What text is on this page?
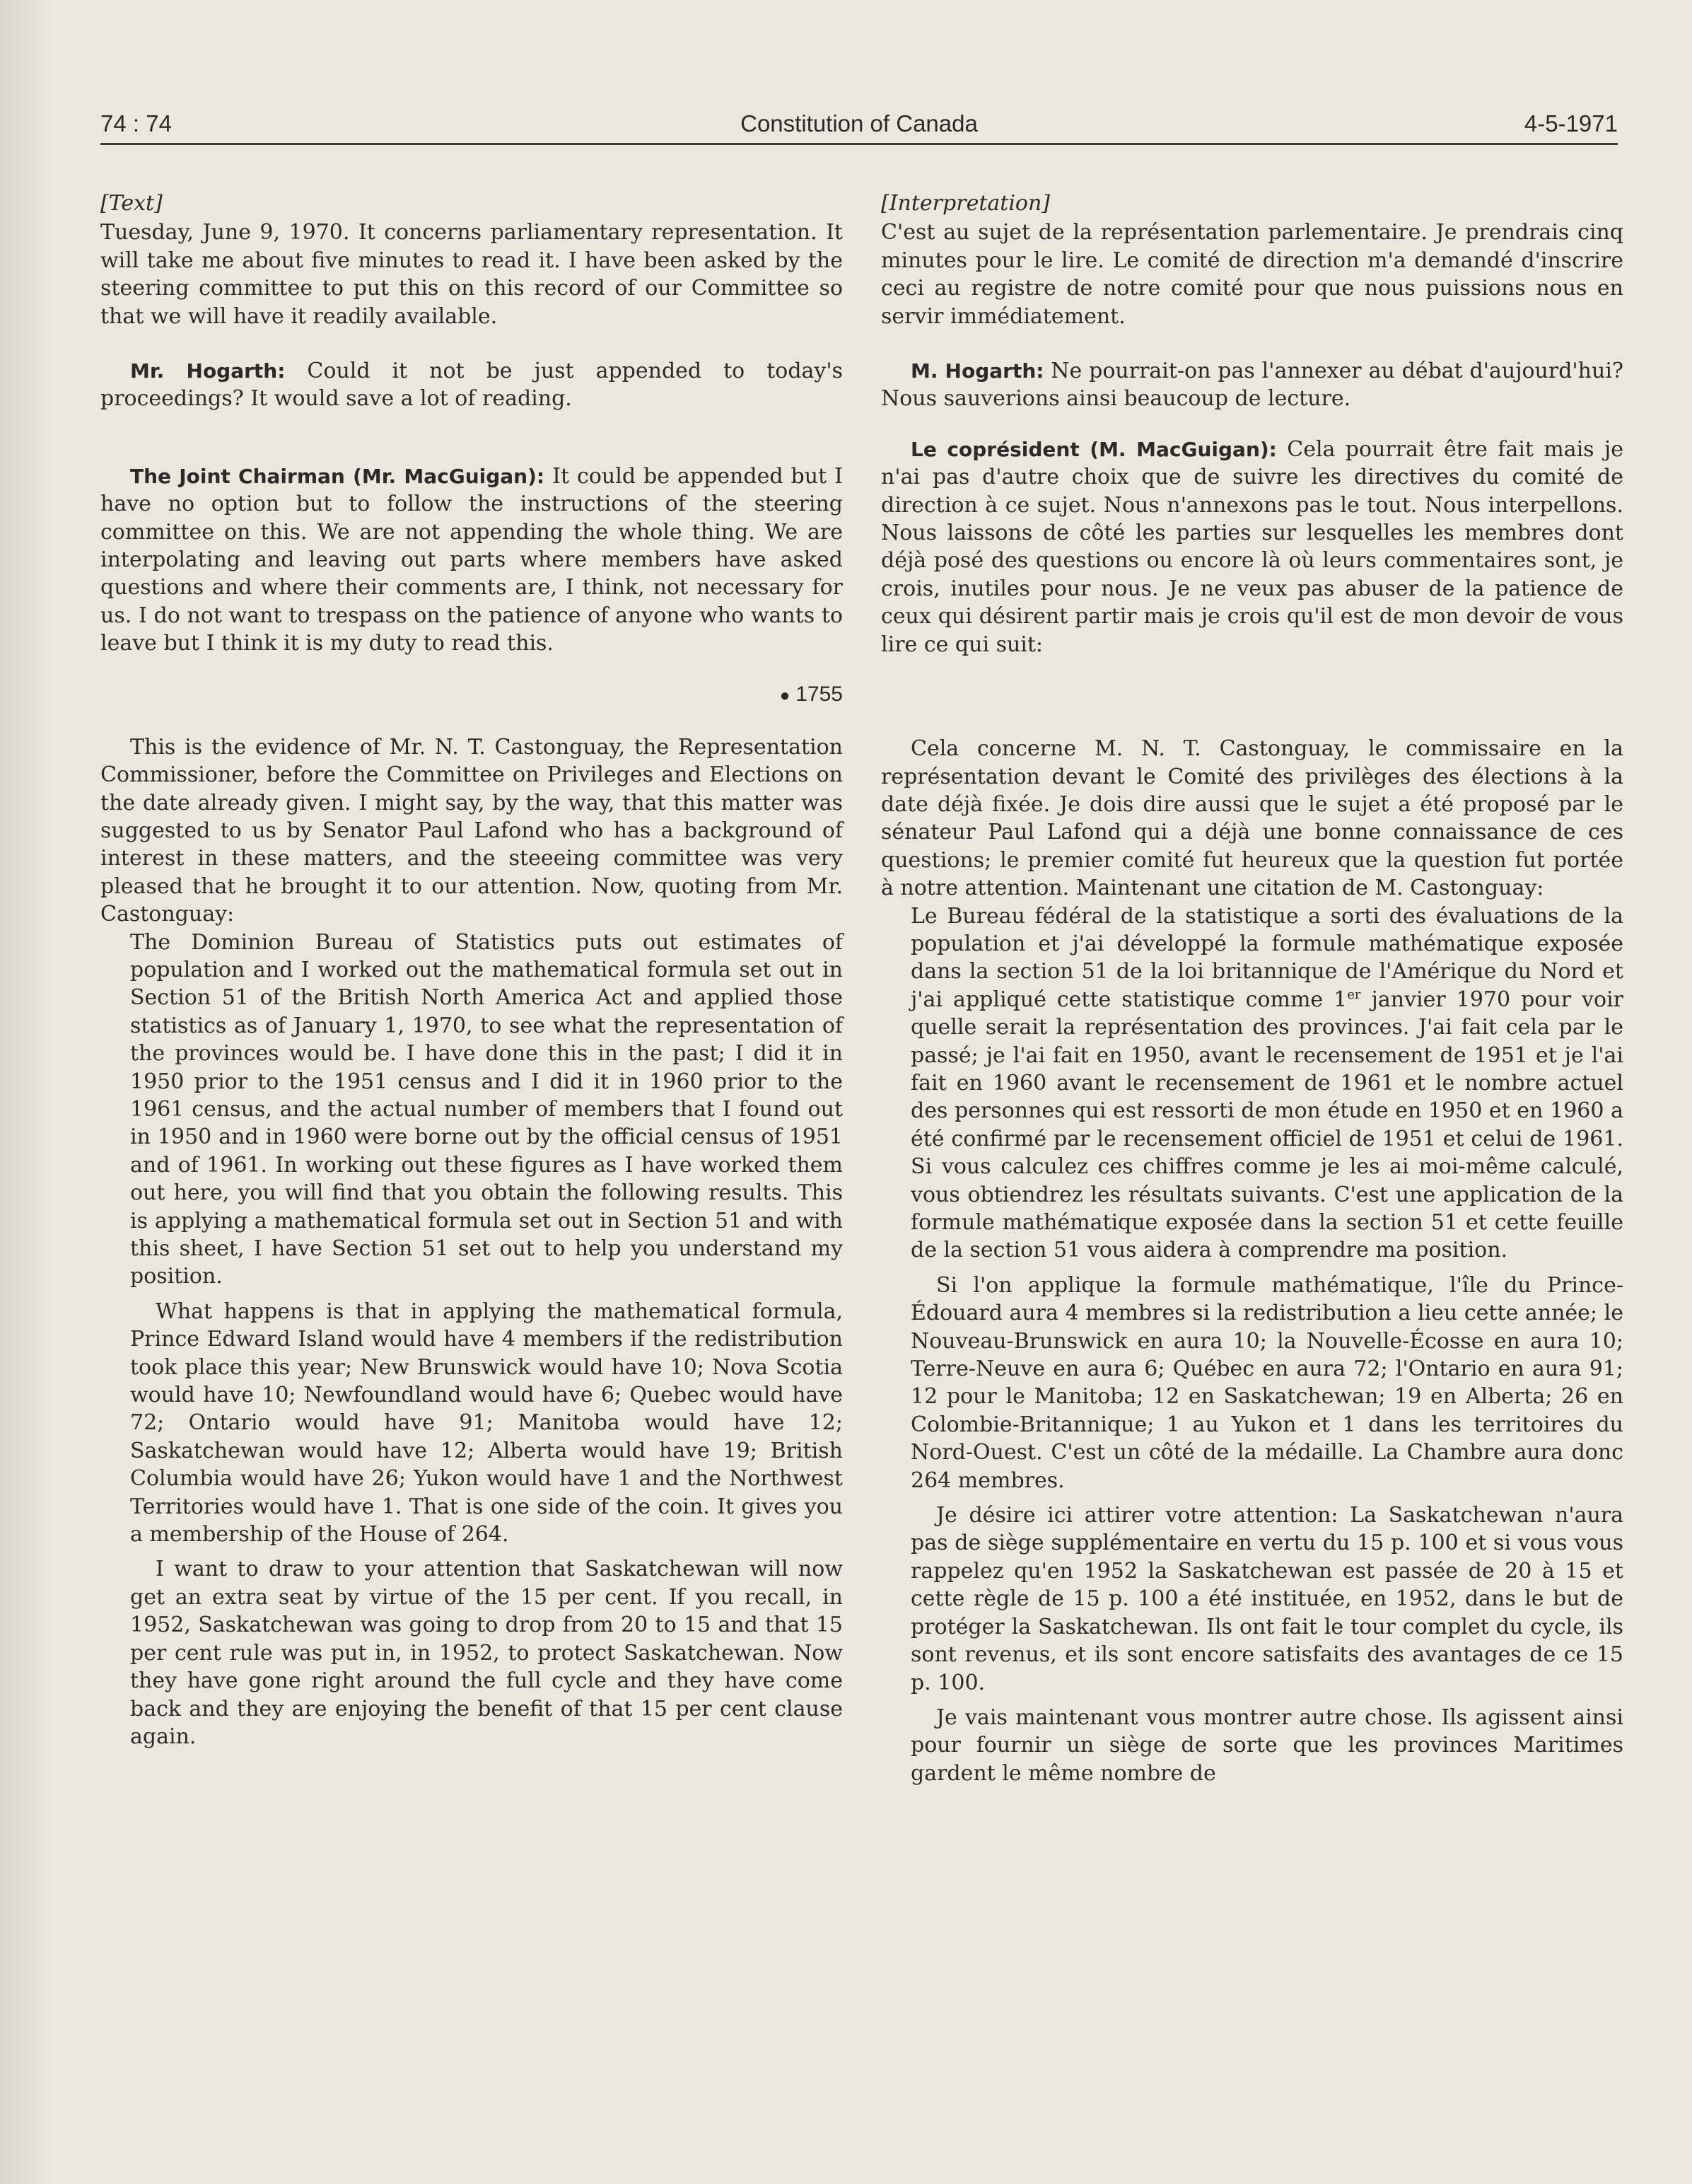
Constitution of Canada
74 : 74	4-5-1971
[Text]

Tuesday, June 9, 1970. It concerns parliamentary representation. It will take me about five minutes to read it. I have been asked by the steering committee to put this on this record of our Committee so that we will have it readily available.

Mr. Hogarth: Could it not be just appended to today's proceedings? It would save a lot of reading.

The Joint Chairman (Mr. MacGuigan): It could be appended but I have no option but to follow the instructions of the steering committee on this. We are not appending the whole thing. We are interpolating and leaving out parts where members have asked questions and where their comments are, I think, not necessary for us. I do not want to trespass on the patience of anyone who wants to leave but I think it is my duty to read this.

● 1755

This is the evidence of Mr. N. T. Castonguay, the Representation Commissioner, before the Committee on Privileges and Elections on the date already given. I might say, by the way, that this matter was suggested to us by Senator Paul Lafond who has a background of interest in these matters, and the steeeing committee was very pleased that he brought it to our attention. Now, quoting from Mr. Castonguay:

The Dominion Bureau of Statistics puts out estimates of population and I worked out the mathematical formula set out in Section 51 of the British North America Act and applied those statistics as of January 1, 1970, to see what the representation of the provinces would be. I have done this in the past; I did it in 1950 prior to the 1951 census and I did it in 1960 prior to the 1961 census, and the actual number of members that I found out in 1950 and in 1960 were borne out by the official census of 1951 and of 1961. In working out these figures as I have worked them out here, you will find that you obtain the following results. This is applying a mathematical formula set out in Section 51 and with this sheet, I have Section 51 set out to help you understand my position.

What happens is that in applying the mathematical formula, Prince Edward Island would have 4 members if the redistribution took place this year; New Brunswick would have 10; Nova Scotia would have 10; Newfoundland would have 6; Quebec would have 72; Ontario would have 91; Manitoba would have 12; Saskatchewan would have 12; Alberta would have 19; British Columbia would have 26; Yukon would have 1 and the Northwest Territories would have 1. That is one side of the coin. It gives you a membership of the House of 264.

I want to draw to your attention that Saskatchewan will now get an extra seat by virtue of the 15 per cent. If you recall, in 1952, Saskatchewan was going to drop from 20 to 15 and that 15 per cent rule was put in, in 1952, to protect Saskatchewan. Now they have gone right around the full cycle and they have come back and they are enjoying the benefit of that 15 per cent clause again.

[Interpretation]

C'est au sujet de la représentation parlementaire. Je prendrais cinq minutes pour le lire. Le comité de direction m'a demandé d'inscrire ceci au registre de notre comité pour que nous puissions nous en servir immédiatement.

M. Hogarth: Ne pourrait-on pas l'annexer au débat d'aujourd'hui? Nous sauverions ainsi beaucoup de lecture.

Le coprésident (M. MacGuigan): Cela pourrait être fait mais je n'ai pas d'autre choix que de suivre les directives du comité de direction à ce sujet. Nous n'annexons pas le tout. Nous interpellons. Nous laissons de côté les parties sur lesquelles les membres dont déjà posé des questions ou encore là où leurs commentaires sont, je crois, inutiles pour nous. Je ne veux pas abuser de la patience de ceux qui désirent partir mais je crois qu'il est de mon devoir de vous lire ce qui suit:

Cela concerne M. N. T. Castonguay, le commissaire en la représentation devant le Comité des privilèges des élections à la date déjà fixée. Je dois dire aussi que le sujet a été proposé par le sénateur Paul Lafond qui a déjà une bonne connaissance de ces questions; le premier comité fut heureux que la question fut portée à notre attention. Maintenant une citation de M. Castonguay:

Le Bureau fédéral de la statistique a sorti des évaluations de la population et j'ai développé la formule mathématique exposée dans la section 51 de la loi britannique de l'Amérique du Nord et j'ai appliqué cette statistique comme 1er janvier 1970 pour voir quelle serait la représentation des provinces. J'ai fait cela par le passé; je l'ai fait en 1950, avant le recensement de 1951 et je l'ai fait en 1960 avant le recensement de 1961 et le nombre actuel des personnes qui est ressorti de mon étude en 1950 et en 1960 a été confirmé par le recensement officiel de 1951 et celui de 1961. Si vous calculez ces chiffres comme je les ai moi-même calculé, vous obtiendrez les résultats suivants. C'est une application de la formule mathématique exposée dans la section 51 et cette feuille de la section 51 vous aidera à comprendre ma position.

Si l'on applique la formule mathématique, l'île du Prince-Édouard aura 4 membres si la redistribution a lieu cette année; le Nouveau-Brunswick en aura 10; la Nouvelle-Écosse en aura 10; Terre-Neuve en aura 6; Québec en aura 72; l'Ontario en aura 91; 12 pour le Manitoba; 12 en Saskatchewan; 19 en Alberta; 26 en Colombie-Britannique; 1 au Yukon et 1 dans les territoires du Nord-Ouest. C'est un côté de la médaille. La Chambre aura donc 264 membres.

Je désire ici attirer votre attention: La Saskatchewan n'aura pas de siège supplémentaire en vertu du 15 p. 100 et si vous vous rappelez qu'en 1952 la Saskatchewan est passée de 20 à 15 et cette règle de 15 p. 100 a été instituée, en 1952, dans le but de protéger la Saskatchewan. Ils ont fait le tour complet du cycle, ils sont revenus, et ils sont encore satisfaits des avantages de ce 15 p. 100.

Je vais maintenant vous montrer autre chose. Ils agissent ainsi pour fournir un siège de sorte que les provinces Maritimes gardent le même nombre de
